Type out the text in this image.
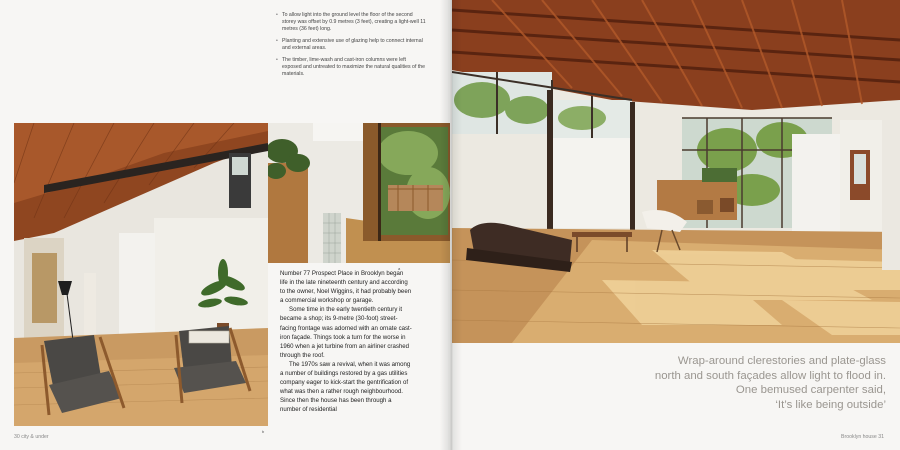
• To allow light into the ground level the floor of the second storey was offset by 0.9 metres (3 feet), creating a light-well 11 metres (36 feet) long.

• Planting and extensive use of glazing help to connect internal and external areas.

• The timber, lime-wash and cast-iron columns were left exposed and untreated to maximize the natural qualities of the materials.

a

Number 77 Prospect Place in Brooklyn began life in the late nineteenth century and according to the owner, Noel Wiggins, it had probably been a commercial workshop or garage.

Some time in the early twentieth century it became a shop; its 9-metre (30-foot) street-facing frontage was adorned with an ornate cast-iron façade. Things took a turn for the worse in 1960 when a jet turbine from an airliner crashed through the roof.

The 1970s saw a revival, when it was among a number of buildings restored by a gas utilities company eager to kick-start the gentrification of what was then a rather rough neighbourhood. Since then the house has been through a number of residential

b
30 city & under	Brooklyn house 31

Wrap-around clerestories and plate-glass

north and south façades allow light to flood in.

One bemused carpenter said,

‘It’s like being outside’
